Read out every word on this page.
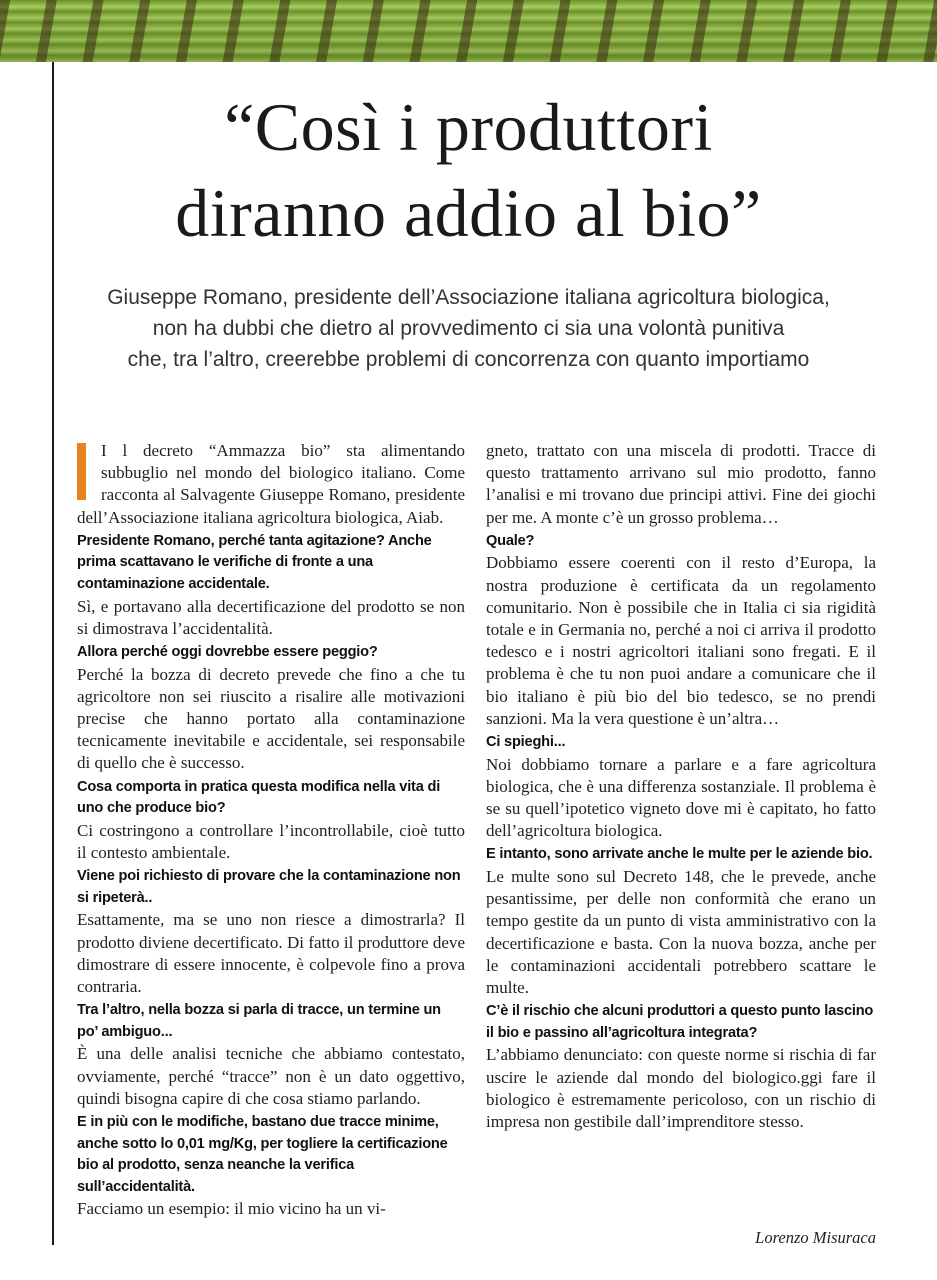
“Così i produttori
diranno addio al bio”
Giuseppe Romano, presidente dell’Associazione italiana agricoltura biologica,
non ha dubbi che dietro al provvedimento ci sia una volontà punitiva
che, tra l’altro, creerebbe problemi di concorrenza con quanto importiamo

I l decreto “Ammazza bio” sta alimentando subbuglio nel mondo del biologico italiano. Come racconta al Salvagente Giuseppe Romano, presidente dell’Associazione italiana agricoltura biologica, Aiab.

Presidente Romano, perché tanta agitazione? Anche prima scattavano le verifiche di fronte a una contaminazione accidentale.

Sì, e portavano alla decertificazione del prodotto se non si dimostrava l’accidentalità.

Allora perché oggi dovrebbe essere peggio?

Perché la bozza di decreto prevede che fino a che tu agricoltore non sei riuscito a risalire alle motivazioni precise che hanno portato alla contaminazione tecnicamente inevitabile e accidentale, sei responsabile di quello che è successo.

Cosa comporta in pratica questa modifica nella vita di uno che produce bio?

Ci costringono a controllare l’incontrollabile, cioè tutto il contesto ambientale.

Viene poi richiesto di provare che la contaminazione non si ripeterà..

Esattamente, ma se uno non riesce a dimostrarla? Il prodotto diviene decertificato. Di fatto il produttore deve dimostrare di essere innocente, è colpevole fino a prova contraria.

Tra l’altro, nella bozza si parla di tracce, un termine un po’ ambiguo...

È una delle analisi tecniche che abbiamo contestato, ovviamente, perché “tracce” non è un dato oggettivo, quindi bisogna capire di che cosa stiamo parlando.

E in più con le modifiche, bastano due tracce minime, anche sotto lo 0,01 mg/Kg, per togliere la certificazione bio al prodotto, senza neanche la verifica sull’accidentalità.

Facciamo un esempio: il mio vicino ha un vi-

gneto, trattato con una miscela di prodotti. Tracce di questo trattamento arrivano sul mio prodotto, fanno l’analisi e mi trovano due principi attivi. Fine dei giochi per me. A monte c’è un grosso problema…

Quale?

Dobbiamo essere coerenti con il resto d’Europa, la nostra produzione è certificata da un regolamento comunitario. Non è possibile che in Italia ci sia rigidità totale e in Germania no, perché a noi ci arriva il prodotto tedesco e i nostri agricoltori italiani sono fregati. E il problema è che tu non puoi andare a comunicare che il bio italiano è più bio del bio tedesco, se no prendi sanzioni. Ma la vera questione è un’altra…

Ci spieghi...

Noi dobbiamo tornare a parlare e a fare agricoltura biologica, che è una differenza sostanziale. Il problema è se su quell’ipotetico vigneto dove mi è capitato, ho fatto dell’agricoltura biologica.

E intanto, sono arrivate anche le multe per le aziende bio.

Le multe sono sul Decreto 148, che le prevede, anche pesantissime, per delle non conformità che erano un tempo gestite da un punto di vista amministrativo con la decertificazione e basta. Con la nuova bozza, anche per le contaminazioni accidentali potrebbero scattare le multe.

C’è il rischio che alcuni produttori a questo punto lascino il bio e passino all’agricoltura integrata?

L’abbiamo denunciato: con queste norme si rischia di far uscire le aziende dal mondo del biologico.ggi fare il biologico è estremamente pericoloso, con un rischio di impresa non gestibile dall’imprenditore stesso.

Lorenzo Misuraca
